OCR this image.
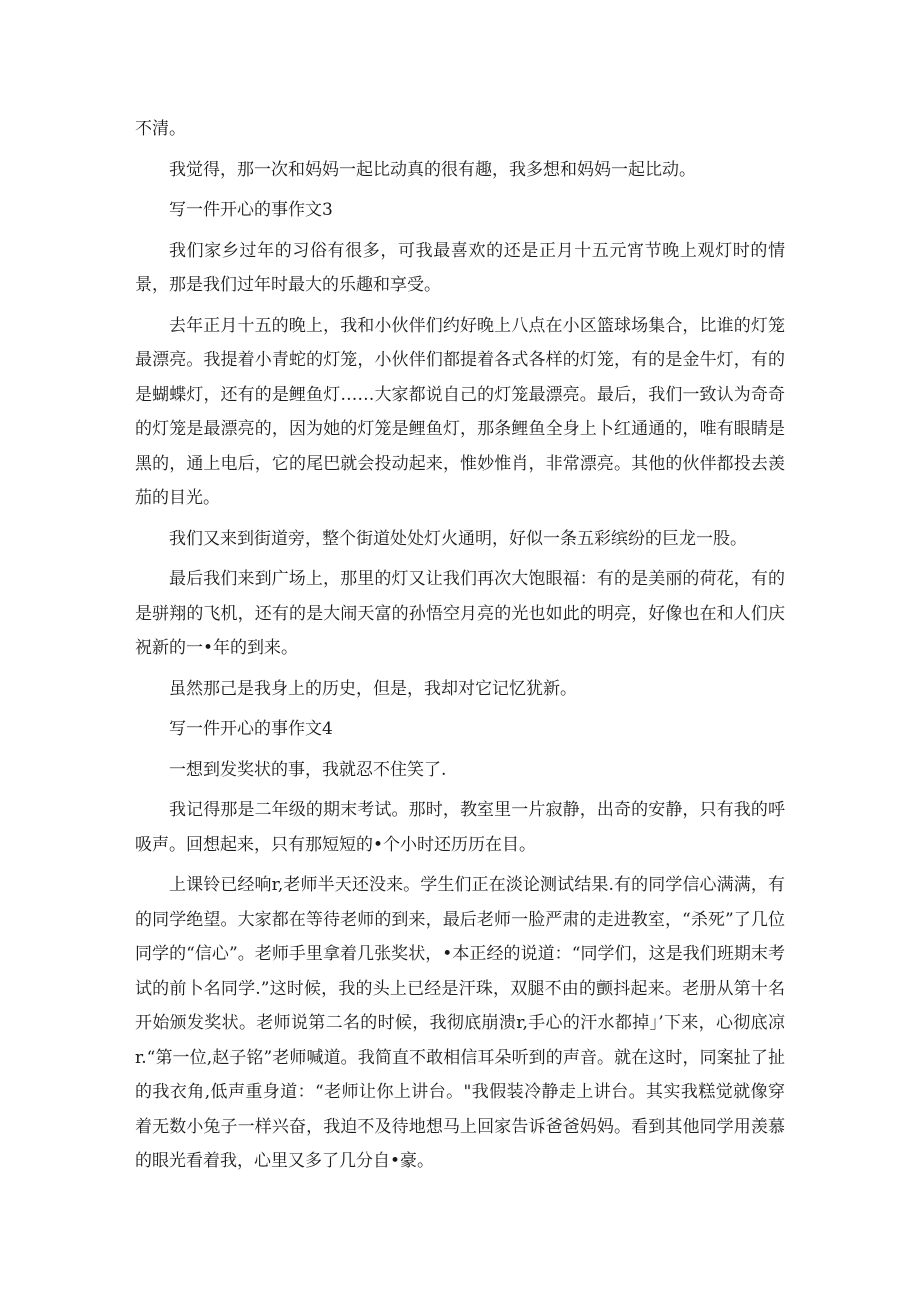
不清。

我觉得，那一次和妈妈一起比动真的很有趣，我多想和妈妈一起比动。

写一件开心的事作文3

我们家乡过年的习俗有很多，可我最喜欢的还是正月十五元宵节晚上观灯时的情景，那是我们过年时最大的乐趣和享受。

去年正月十五的晚上，我和小伙伴们约好晚上八点在小区篮球场集合，比谁的灯笼最漂亮。我提着小青蛇的灯笼，小伙伴们都提着各式各样的灯笼，有的是金牛灯，有的是蝴蝶灯，还有的是鲤鱼灯……大家都说自己的灯笼最漂亮。最后，我们一致认为奇奇的灯笼是最漂亮的，因为她的灯笼是鲤鱼灯，那条鲤鱼全身上卜红通通的，唯有眼睛是黑的，通上电后，它的尾巴就会投动起来，惟妙惟肖，非常漂亮。其他的伙伴都投去羡茄的目光。

我们又来到街道旁，整个街道处处灯火通明，好似一条五彩缤纷的巨龙一股。

最后我们来到广场上，那里的灯又让我们再次大饱眼福：有的是美丽的荷花，有的是骈翔的飞机，还有的是大闹天富的孙悟空月亮的光也如此的明亮，好像也在和人们庆祝新的一•年的到来。

虽然那己是我身上的历史，但是，我却对它记忆犹新。

写一件开心的事作文4

一想到发奖状的事，我就忍不住笑了.

我记得那是二年级的期末考试。那时，教室里一片寂静，出奇的安静，只有我的呼吸声。回想起来，只有那短短的•个小时还历历在目。

上课铃已经响r,老师半天还没来。学生们正在淡论测试结果.有的同学信心满满，有的同学绝望。大家都在等待老师的到来，最后老师一脸严肃的走进教室，“杀死”了几位同学的“信心”。老师手里拿着几张奖状，•本正经的说道：“同学们，这是我们班期末考试的前卜名同学.”这时候，我的头上已经是汗珠，双腿不由的颤抖起来。老册从第十名开始颁发奖状。老师说第二名的时候，我彻底崩溃r,手心的汗水都掉」’下来，心彻底凉r.“第一位,赵子铭”老师喊道。我简直不敢相信耳朵听到的声音。就在这时，同案扯了扯的我衣角,低声重身道：“老师让你上讲台。"我假装冷静走上讲台。其实我糕觉就像穿着无数小兔子一样兴奋，我迫不及待地想马上回家告诉爸爸妈妈。看到其他同学用羡慕的眼光看着我，心里又多了几分自•豪。
